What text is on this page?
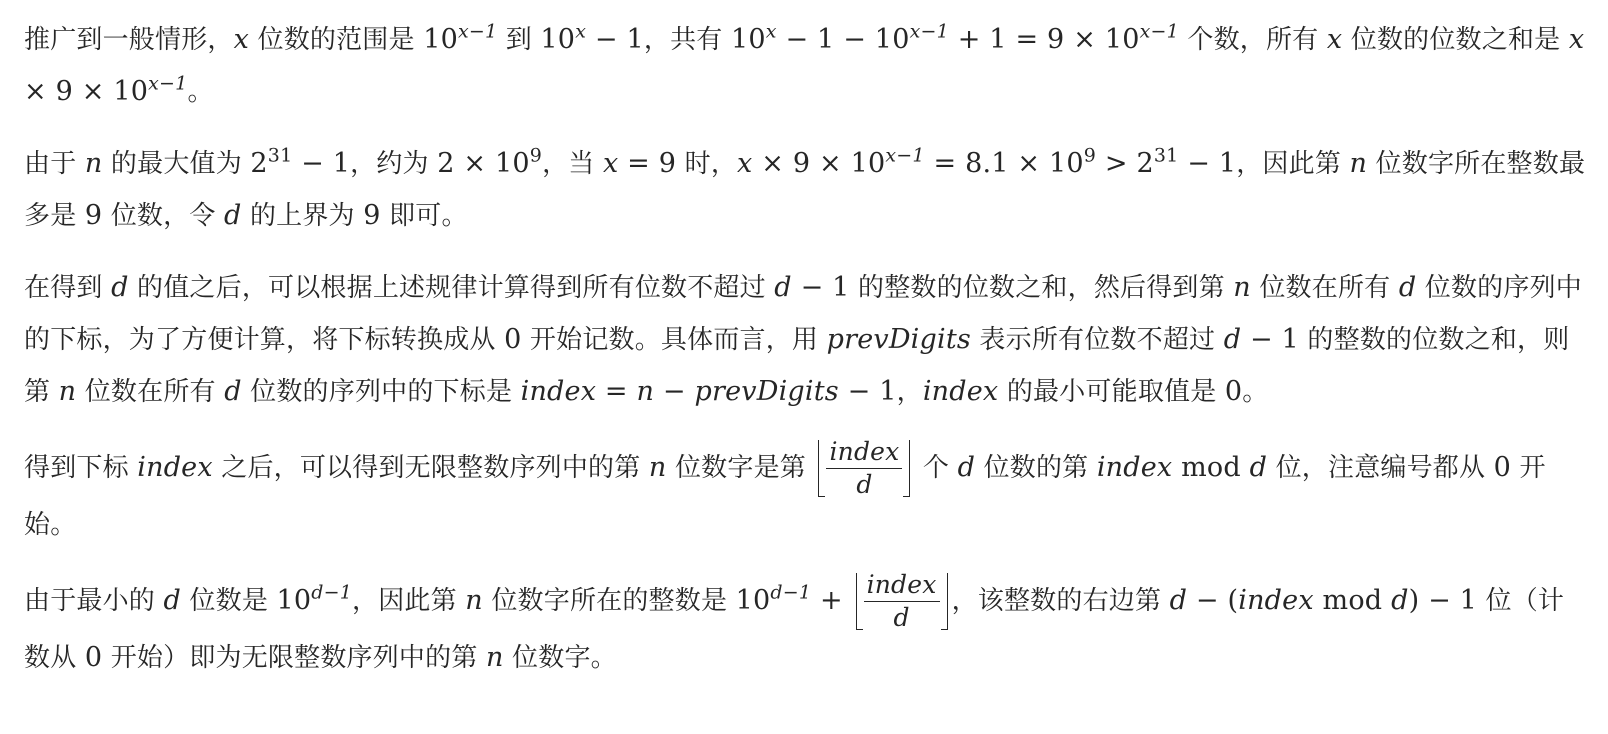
推广到一般情形，x 位数的范围是 $10^{x-1}$ 到 $10^x - 1$，共有 $10^x - 1 - 10^{x-1} + 1 = 9 \times 10^{x-1}$ 个数，所有 x 位数的位数之和是 $x \times 9 \times 10^{x-1}$。

由于 n 的最大值为 $2^{31} - 1$，约为 $2 \times 10^9$，当 x = 9 时，$x \times 9 \times 10^{x-1} = 8.1 \times 10^9 > 2^{31} - 1$，因此第 n 位数字所在整数最多是 9 位数，令 d 的上界为 9 即可。

在得到 d 的值之后，可以根据上述规律计算得到所有位数不超过 d − 1 的整数的位数之和，然后得到第 n 位数在所有 d 位数的序列中的下标，为了方便计算，将下标转换成从 0 开始记数。具体而言，用 prevDigits 表示所有位数不超过 d − 1 的整数的位数之和，则第 n 位数在所有 d 位数的序列中的下标是 index = n − prevDigits − 1，index 的最小可能取值是 0。

得到下标 index 之后，可以得到无限整数序列中的第 n 位数字是第 $\frac{\text{index}}{d}$ 个 d 位数的第 index mod d 位，注意编号都从 0 开始。

由于最小的 d 位数是 $10^{d-1}$，因此第 n 位数字所在的整数是 $10^{d-1} + \frac{\text{index}}{d}$ ，该整数的右边第 d − (index mod d) − 1 位（计数从 0 开始）即为无限整数序列中的第 n 位数字。
